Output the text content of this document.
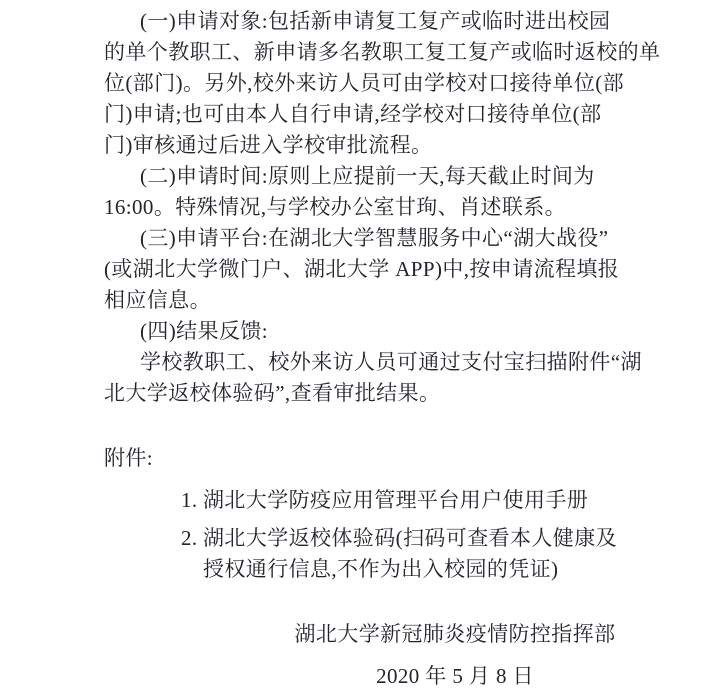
(一)申请对象:包括新申请复工复产或临时进出校园

的单个教职工、新申请多名教职工复工复产或临时返校的单

位(部门)。另外,校外来访人员可由学校对口接待单位(部

门)申请;也可由本人自行申请,经学校对口接待单位(部

门)审核通过后进入学校审批流程。

(二)申请时间:原则上应提前一天,每天截止时间为

16:00。特殊情况,与学校办公室甘珣、肖述联系。

(三)申请平台:在湖北大学智慧服务中心“湖大战役”

(或湖北大学微门户、湖北大学 APP)中,按申请流程填报

相应信息。

(四)结果反馈:

学校教职工、校外来访人员可通过支付宝扫描附件“湖

北大学返校体验码”,查看审批结果。

附件:

1. 湖北大学防疫应用管理平台用户使用手册
2. 湖北大学返校体验码(扫码可查看本人健康及
授权通行信息,不作为出入校园的凭证)
湖北大学新冠肺炎疫情防控指挥部
2020 年 5 月 8 日
